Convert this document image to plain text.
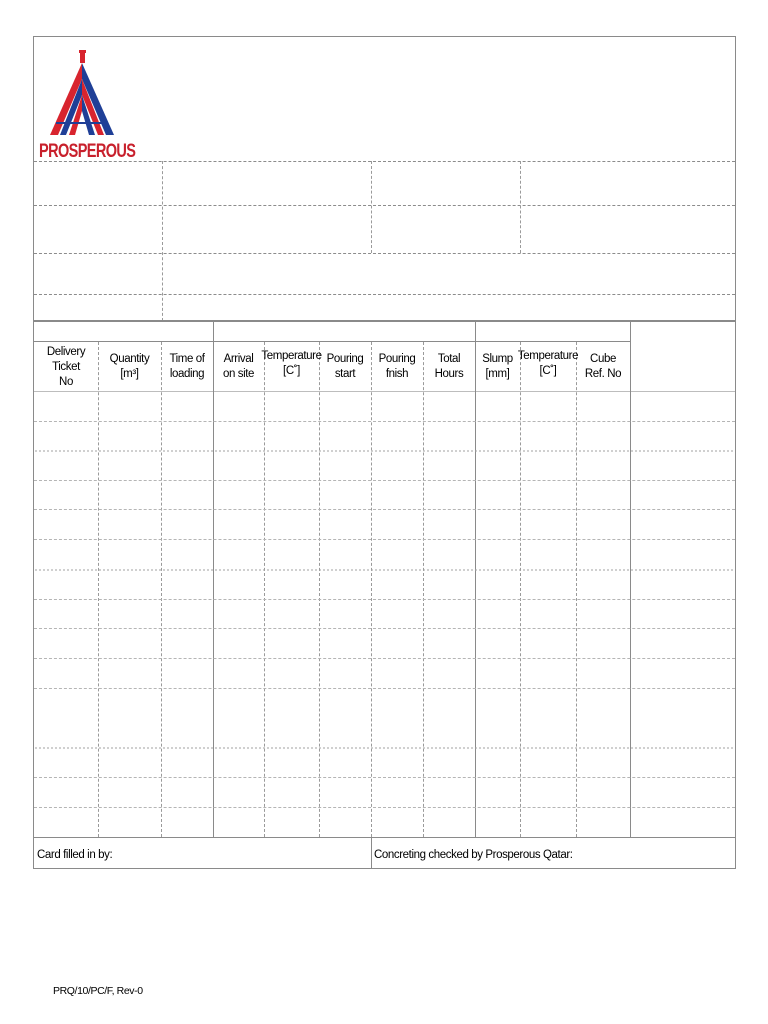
PROSPEROUS
Delivery Ticket
No
Quantity
[m³]
Time of
loading
Arrival
on site
Temperature
[C˚]
Pouring
start
Pouring
fnish
Total Hours
Slump
[mm]
Temperature
[C˚]
Cube
Ref. No
Card filled in by:	Concreting checked by Prosperous Qatar:
PRQ/10/PC/F, Rev-0
